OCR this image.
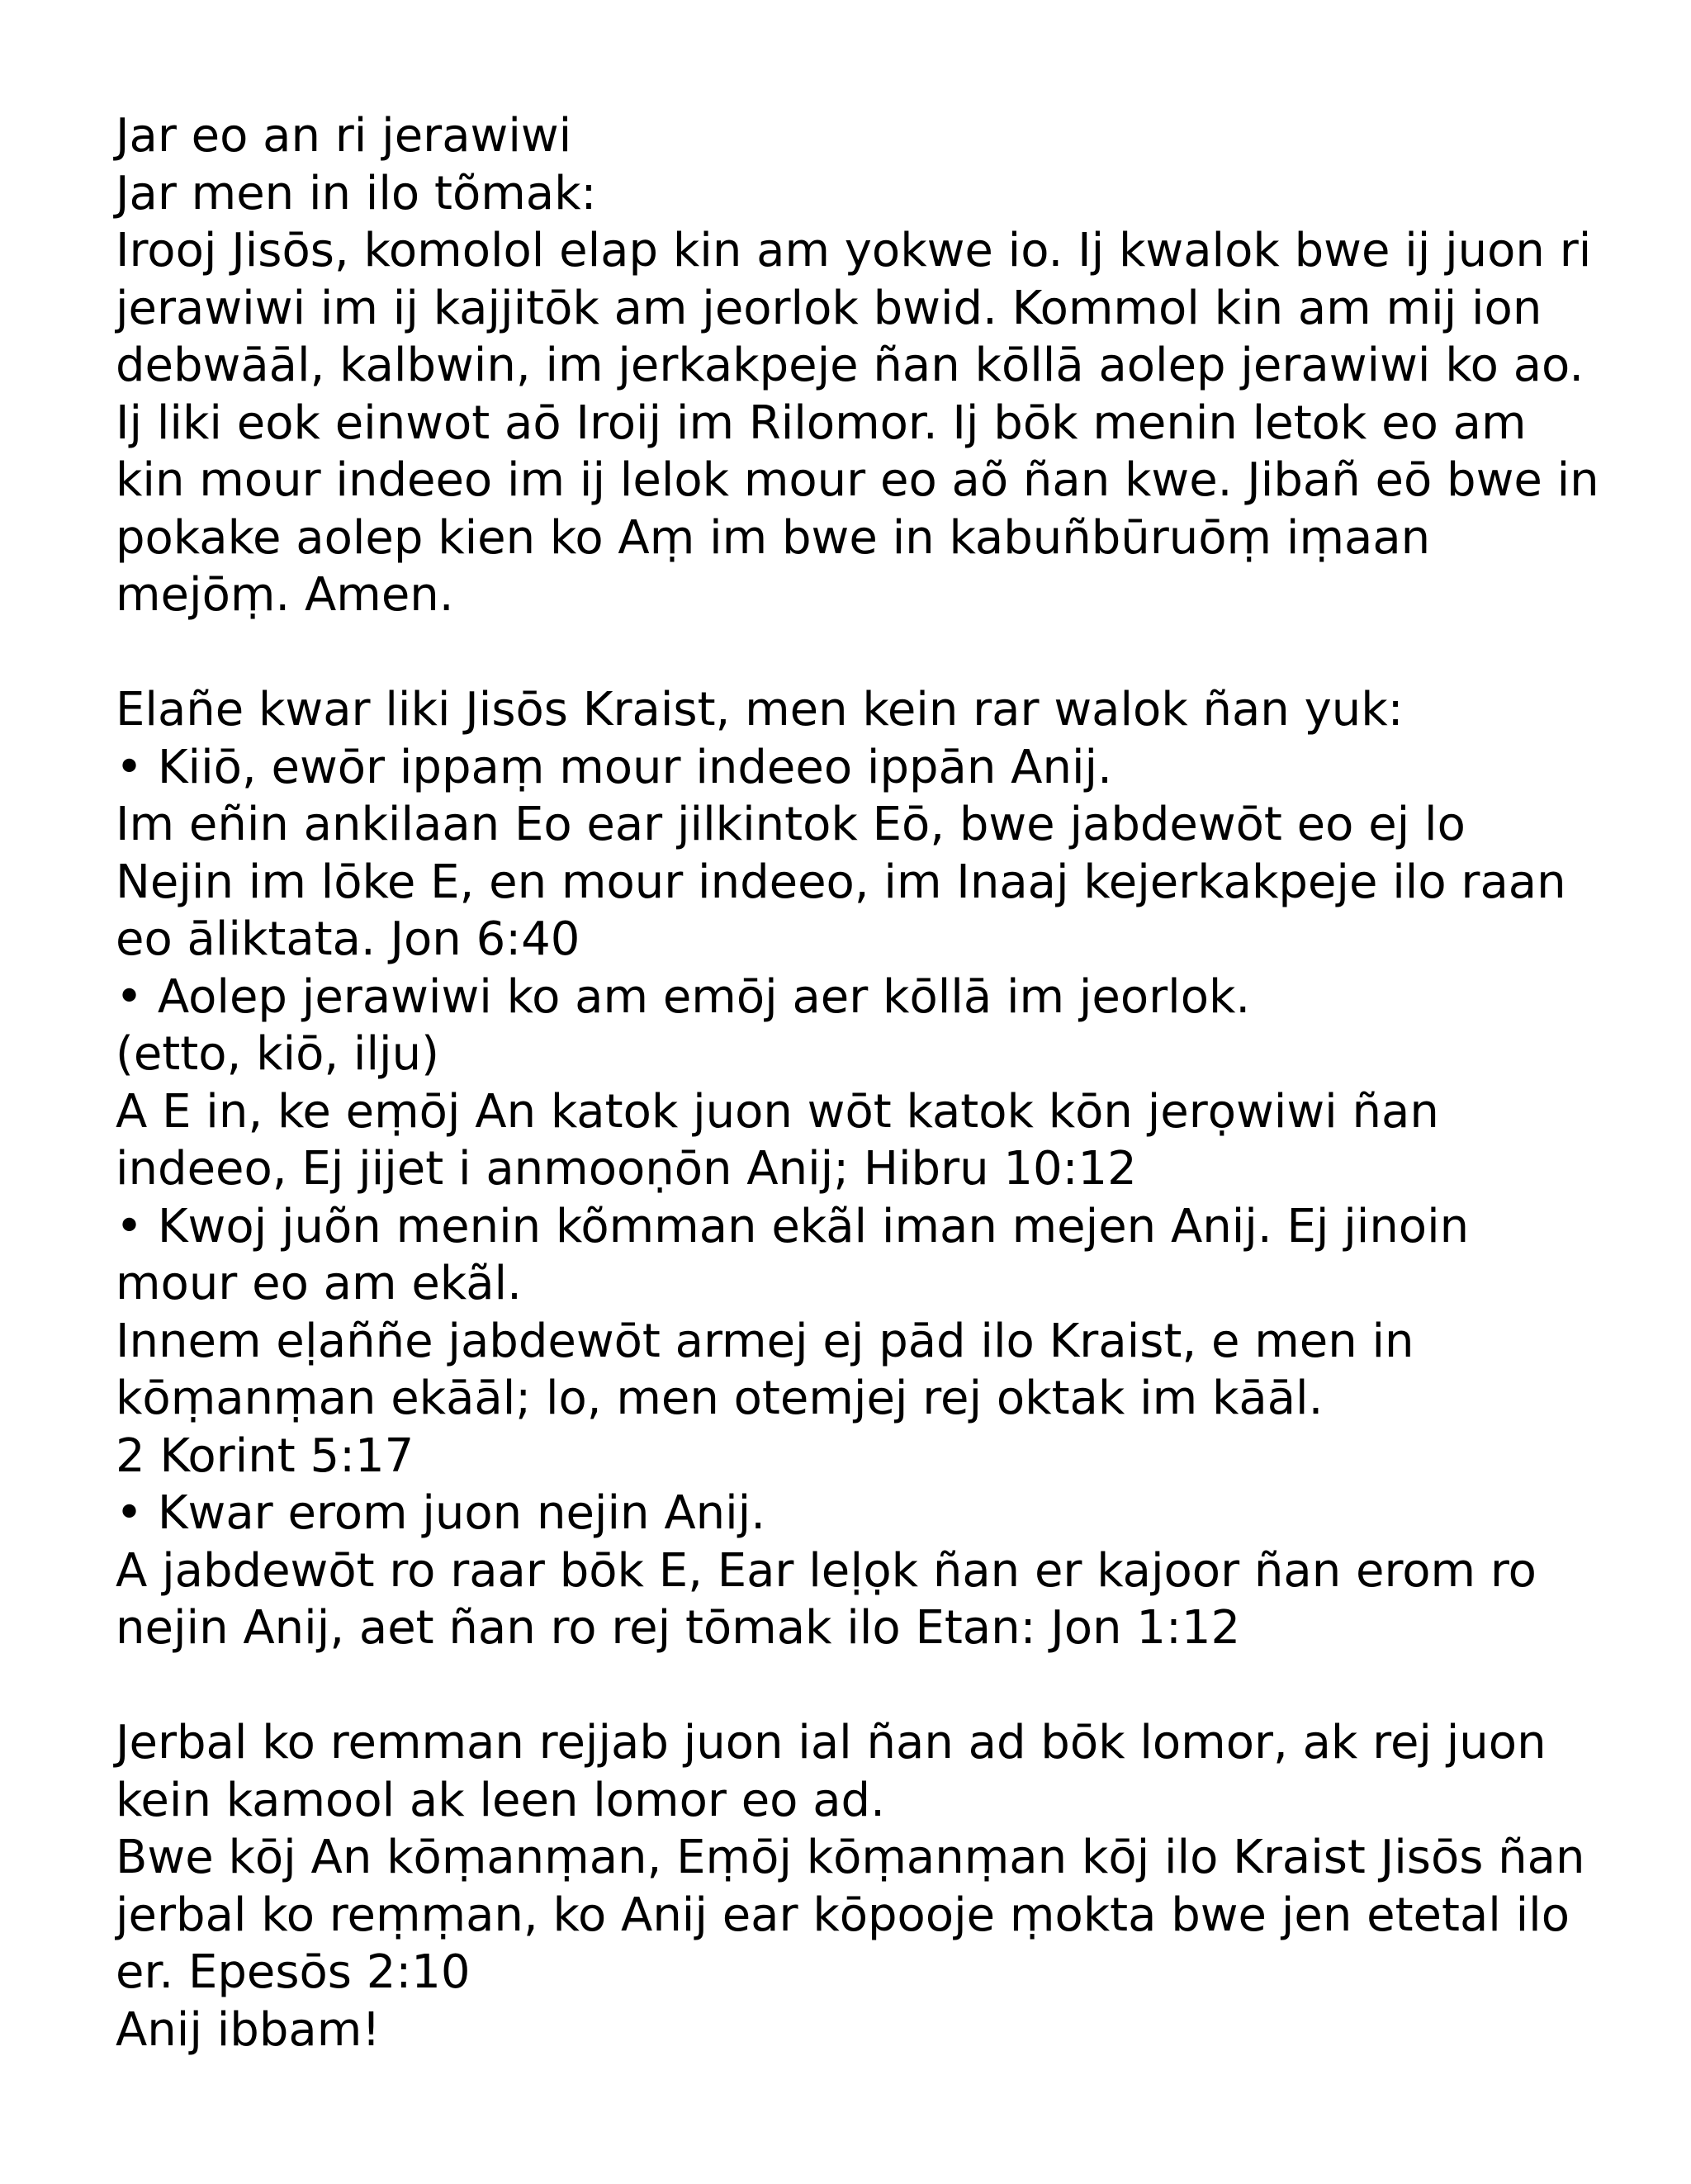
Jar eo an ri jerawiwi
Jar men in ilo tõmak:
Irooj Jisōs, komolol elap kin am yokwe io. Ij kwalok bwe ij juon ri
jerawiwi im ij kajjitōk am jeorlok bwid. Kommol kin am mij ion
debwāāl, kalbwin, im jerkakpeje ñan kōllā aolep jerawiwi ko ao.
Ij liki eok einwot aō Iroij im Rilomor. Ij bōk menin letok eo am
kin mour indeeo im ij lelok mour eo aõ ñan kwe. Jibañ eō bwe in
pokake aolep kien ko Aṃ im bwe in kabuñbūruōṃ iṃaan
mejōṃ. Amen.
Elañe kwar liki Jisōs Kraist, men kein rar walok ñan yuk:
• Kiiō, ewōr ippaṃ mour indeeo ippān Anij.
Im eñin ankilaan Eo ear jilkintok Eō, bwe jabdewōt eo ej lo
Nejin im lōke E, en mour indeeo, im Inaaj kejerkakpeje ilo raan
eo āliktata. Jon 6:40
• Aolep jerawiwi ko am emōj aer kōllā im jeorlok.
(etto, kiō, ilju)
A E in, ke eṃōj An katok juon wōt katok kōn jerọwiwi ñan
indeeo, Ej jijet i anmooṇōn Anij; Hibru 10:12
• Kwoj juõn menin kõmman ekãl iman mejen Anij. Ej jinoin
mour eo am ekãl.
Innem eḷaññe jabdewōt armej ej pād ilo Kraist, e men in
kōṃanṃan ekāāl; lo, men otemjej rej oktak im kāāl.
2 Korint 5:17
• Kwar erom juon nejin Anij.
A jabdewōt ro raar bōk E, Ear leḷọk ñan er kajoor ñan erom ro
nejin Anij, aet ñan ro rej tōmak ilo Etan: Jon 1:12
Jerbal ko remman rejjab juon ial ñan ad bōk lomor, ak rej juon
kein kamool ak leen lomor eo ad.
Bwe kōj An kōṃanṃan, Eṃōj kōṃanṃan kōj ilo Kraist Jisōs ñan
jerbal ko reṃṃan, ko Anij ear kōpooje ṃokta bwe jen etetal ilo
er. Epesōs 2:10
Anij ibbam!
